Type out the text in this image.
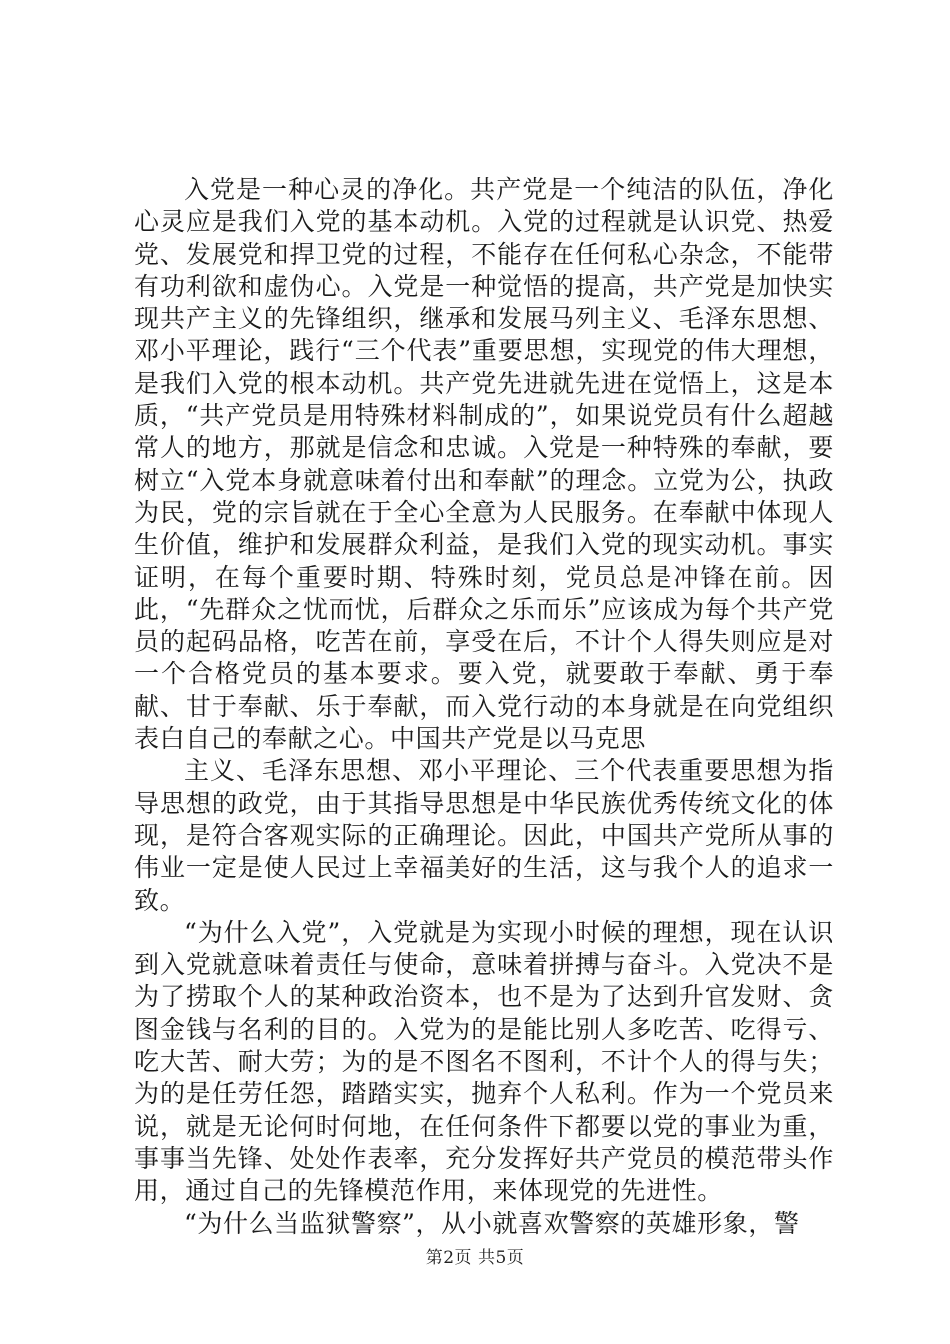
入党是一种心灵的净化。共产党是一个纯洁的队伍，净化心灵应是我们入党的基本动机。入党的过程就是认识党、热爱党、发展党和捍卫党的过程，不能存在任何私心杂念，不能带有功利欲和虚伪心。入党是一种觉悟的提高，共产党是加快实现共产主义的先锋组织，继承和发展马列主义、毛泽东思想、邓小平理论，践行“三个代表”重要思想，实现党的伟大理想，是我们入党的根本动机。共产党先进就先进在觉悟上，这是本质，“共产党员是用特殊材料制成的”，如果说党员有什么超越常人的地方，那就是信念和忠诚。入党是一种特殊的奉献，要树立“入党本身就意味着付出和奉献”的理念。立党为公，执政为民，党的宗旨就在于全心全意为人民服务。在奉献中体现人生价值，维护和发展群众利益，是我们入党的现实动机。事实证明，在每个重要时期、特殊时刻，党员总是冲锋在前。因此，“先群众之忧而忧，后群众之乐而乐”应该成为每个共产党员的起码品格，吃苦在前，享受在后，不计个人得失则应是对一个合格党员的基本要求。要入党，就要敢于奉献、勇于奉献、甘于奉献、乐于奉献，而入党行动的本身就是在向党组织表白自己的奉献之心。中国共产党是以马克思

主义、毛泽东思想、邓小平理论、三个代表重要思想为指导思想的政党，由于其指导思想是中华民族优秀传统文化的体现，是符合客观实际的正确理论。因此，中国共产党所从事的伟业一定是使人民过上幸福美好的生活，这与我个人的追求一致。

“为什么入党”，入党就是为实现小时候的理想，现在认识到入党就意味着责任与使命，意味着拼搏与奋斗。入党决不是为了捞取个人的某种政治资本，也不是为了达到升官发财、贪图金钱与名利的目的。入党为的是能比别人多吃苦、吃得亏、吃大苦、耐大劳；为的是不图名不图利，不计个人的得与失；为的是任劳任怨，踏踏实实，抛弃个人私利。作为一个党员来说，就是无论何时何地，在任何条件下都要以党的事业为重，事事当先锋、处处作表率，充分发挥好共产党员的模范带头作用，通过自己的先锋模范作用，来体现党的先进性。

“为什么当监狱警察”，从小就喜欢警察的英雄形象，警

第2页 共5页
